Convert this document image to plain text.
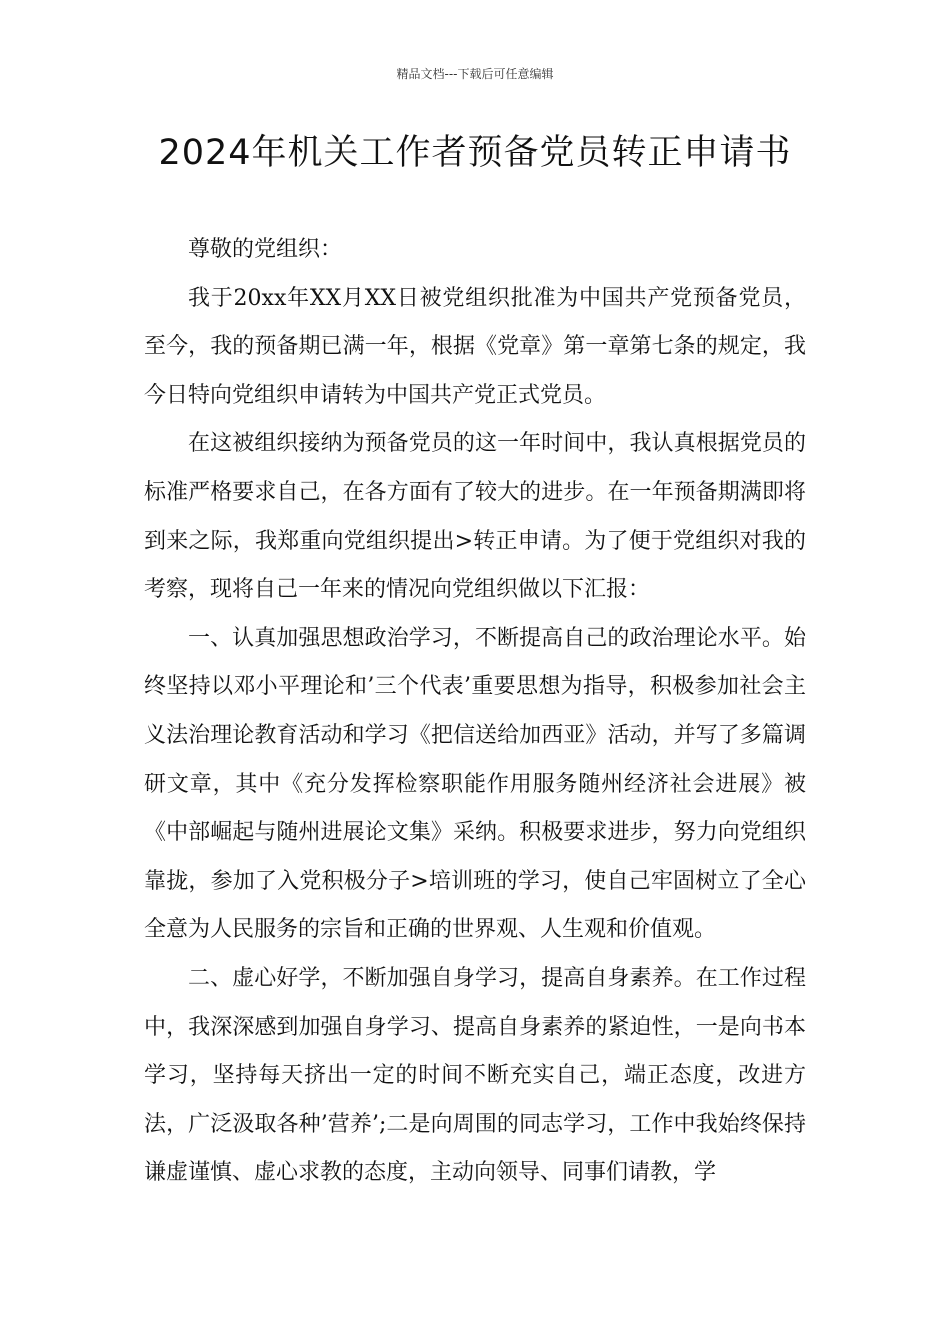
精品文档---下载后可任意编辑
2024年机关工作者预备党员转正申请书

尊敬的党组织：

我于20xx年XX月XX日被党组织批准为中国共产党预备党员，至今，我的预备期已满一年，根据《党章》第一章第七条的规定，我今日特向党组织申请转为中国共产党正式党员。

在这被组织接纳为预备党员的这一年时间中，我认真根据党员的标准严格要求自己，在各方面有了较大的进步。在一年预备期满即将到来之际，我郑重向党组织提出>转正申请。为了便于党组织对我的考察，现将自己一年来的情况向党组织做以下汇报：

一、认真加强思想政治学习，不断提高自己的政治理论水平。始终坚持以邓小平理论和’三个代表’重要思想为指导，积极参加社会主义法治理论教育活动和学习《把信送给加西亚》活动，并写了多篇调研文章，其中《充分发挥检察职能作用服务随州经济社会进展》被《中部崛起与随州进展论文集》采纳。积极要求进步，努力向党组织靠拢，参加了入党积极分子>培训班的学习，使自己牢固树立了全心全意为人民服务的宗旨和正确的世界观、人生观和价值观。

二、虚心好学，不断加强自身学习，提高自身素养。在工作过程中，我深深感到加强自身学习、提高自身素养的紧迫性，一是向书本学习，坚持每天挤出一定的时间不断充实自己，端正态度，改进方法，广泛汲取各种’营养’;二是向周围的同志学习，工作中我始终保持谦虚谨慎、虚心求教的态度，主动向领导、同事们请教，学
